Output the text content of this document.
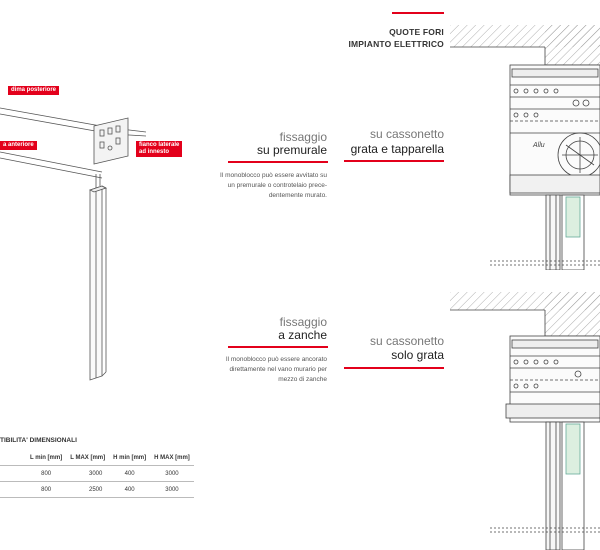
dima posteriore
a anteriore	fianco laterale
ad innesto
TIBILITA' DIMENSIONALI
	L min [mm]	L MAX [mm]	H min [mm]	H MAX [mm]
	800	3000	400	3000
	800	2500	400	3000
fissaggio
su premurale
Il monoblocco può essere avvitato su
un premurale o controtelaio prece-
dentemente murato.
fissaggio
a zanche
Il monoblocco può essere ancorato
direttamente nel vano murario per
mezzo di zanche
QUOTE FORI
IMPIANTO ELETTRICO
su cassonetto
grata e tapparella
su cassonetto
solo grata
Allu
